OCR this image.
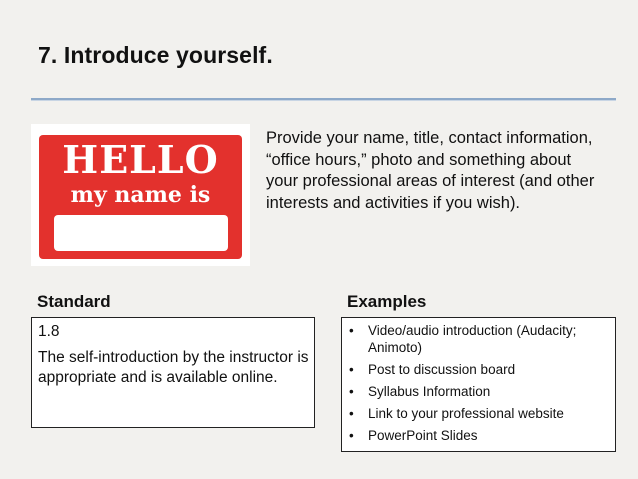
7. Introduce yourself.
HELLO
my name is
Provide your name, title, contact information, “office hours,” photo and something about your professional areas of interest (and other interests and activities if you wish).
Standard	Examples
1.8
The self-introduction by the instructor is appropriate and is available online.
• Video/audio introduction (Audacity; Animoto)
• Post to discussion board
• Syllabus Information
• Link to your professional website
• PowerPoint Slides
